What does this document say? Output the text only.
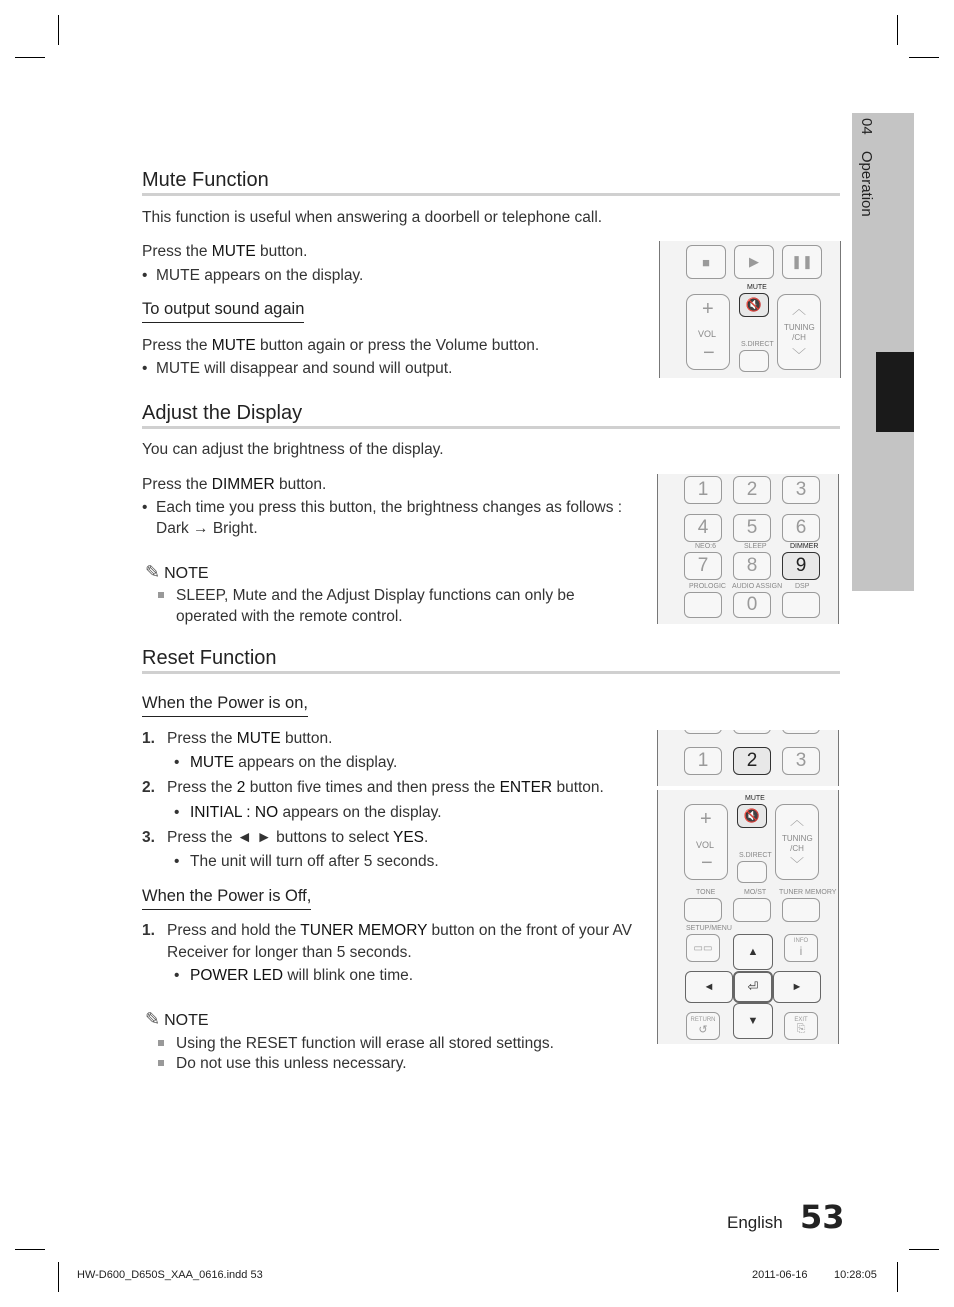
04 Operation
Mute Function
This function is useful when answering a doorbell or telephone call.
Press the MUTE button.
• MUTE appears on the display.
To output sound again
Press the MUTE button again or press the Volume button.
• MUTE will disappear and sound will output.
■	▶	❚❚
+
VOL
−
MUTE
🔇
S.DIRECT
︿
TUNING
/CH
﹀
Adjust the Display
You can adjust the brightness of the display.
Press the DIMMER button.
• Each time you press this button, the brightness changes as follows :
Dark → Bright.
✎ NOTE
SLEEP, Mute and the Adjust Display functions can only be
operated with the remote control.
1	2	3
4	5	6
NEO:6	SLEEP	DIMMER
7	8	9
PROLOGIC AUDIO ASSIGN DSP
0
Reset Function
When the Power is on,
1. Press the MUTE button.
• MUTE appears on the display.
2. Press the 2 button five times and then press the ENTER button.
• INITIAL : NO appears on the display.
3. Press the ◄ ► buttons to select YES.
• The unit will turn off after 5 seconds.
When the Power is Off,
1. Press and hold the TUNER MEMORY button on the front of your AV
Receiver for longer than 5 seconds.
• POWER LED will blink one time.
✎ NOTE
Using the RESET function will erase all stored settings.
Do not use this unless necessary.
1	2	3
+
VOL
−
MUTE
🔇
S.DIRECT
︿
TUNING
/CH
﹀
TONE	MO/ST TUNER MEMORY
SETUP/MENU
▭▭
INFO
i
▲
◄	⏎	►
▼
RETURN
↺
EXIT
⎘
English 53
HW-D600_D650S_XAA_0616.indd 53	2011-06-16 10:28:05
